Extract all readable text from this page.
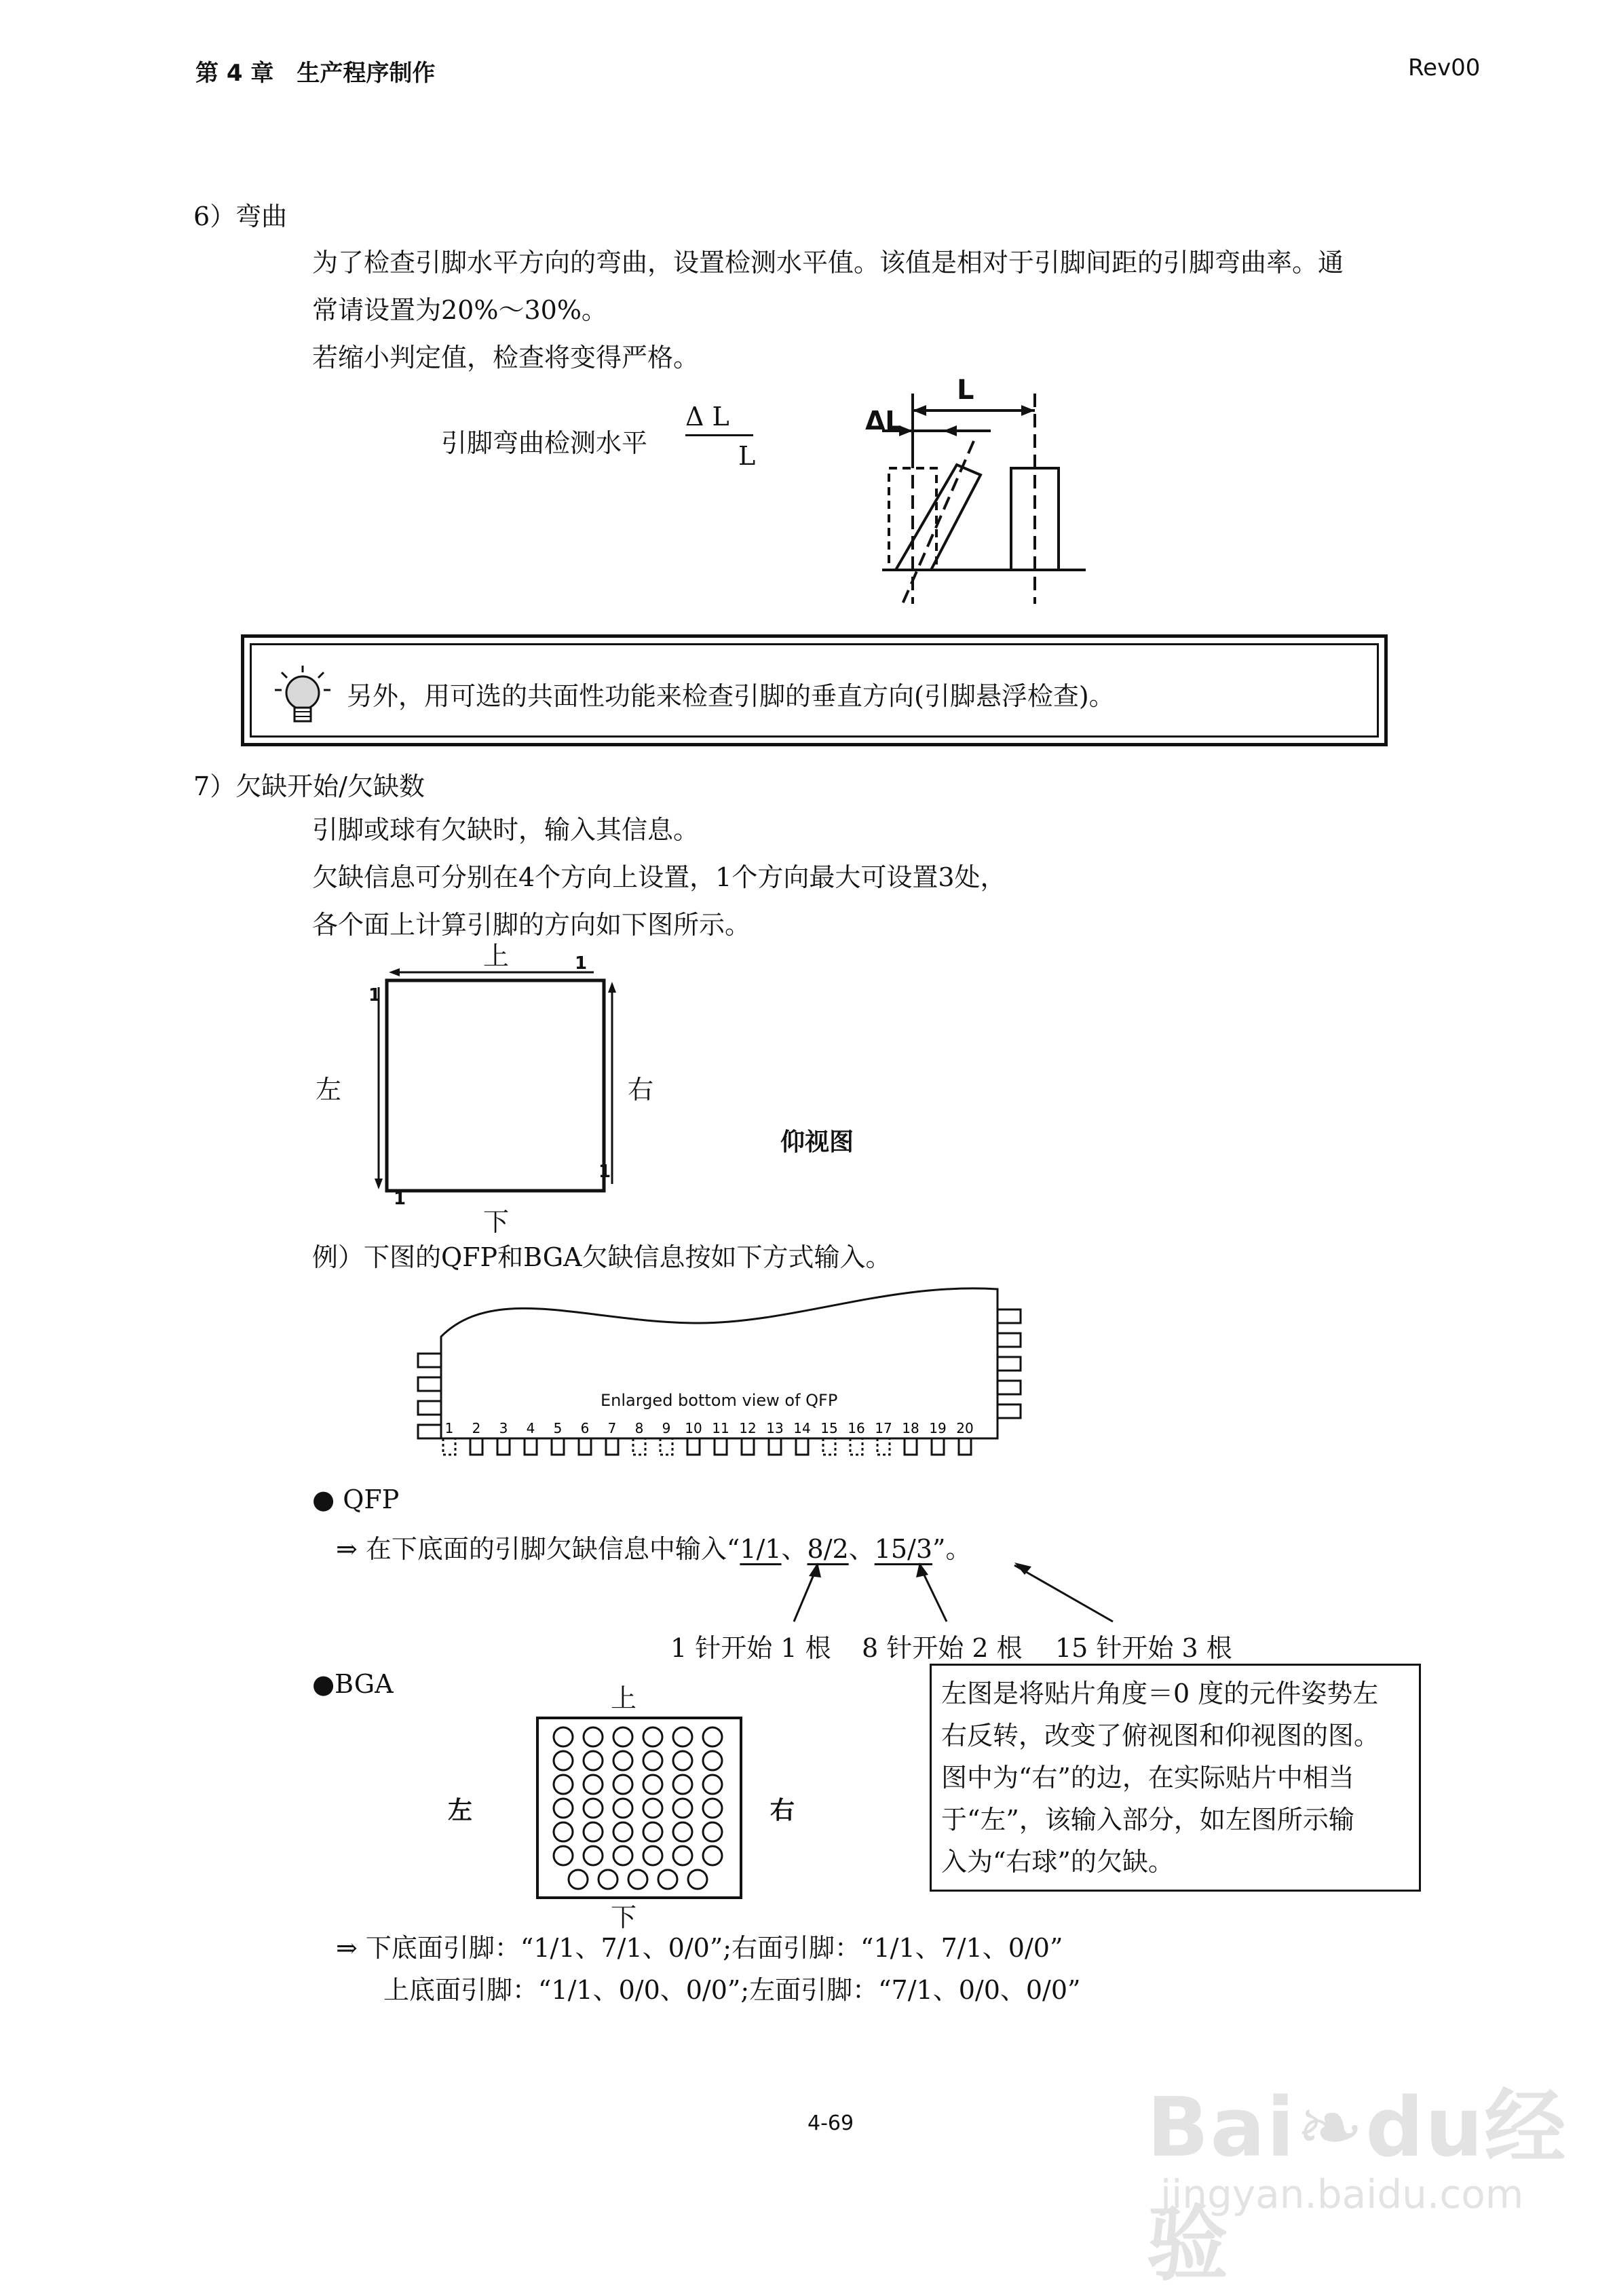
第 4 章　生产程序制作	Rev00
6）弯曲
为了检查引脚水平方向的弯曲，设置检测水平值。该值是相对于引脚间距的引脚弯曲率。通
常请设置为20%～30%。
若缩小判定值，检查将变得严格。
引脚弯曲检测水平
Δ L
L
L
ΔL
另外，用可选的共面性功能来检查引脚的垂直方向(引脚悬浮检查)。
7）欠缺开始/欠缺数
引脚或球有欠缺时，输入其信息。
欠缺信息可分别在4个方向上设置，1个方向最大可设置3处，
各个面上计算引脚的方向如下图所示。
上
下
左	右
1
1
1
1
仰视图
例）下图的QFP和BGA欠缺信息按如下方式输入。
1 2 3 4 5 6 7 8 9 10 11 12 13 14 15 16 17 18 19 20
Enlarged bottom view of QFP
● QFP
⇒ 在下底面的引脚欠缺信息中输入“1/1、8/2、15/3”。
1 针开始 1 根 8 针开始 2 根 15 针开始 3 根
●BGA	上
下
左	右
左图是将贴片角度＝0 度的元件姿势左
右反转，改变了俯视图和仰视图的图。
图中为“右”的边，在实际贴片中相当
于“左”，该输入部分，如左图所示输
入为“右球”的欠缺。
⇒ 下底面引脚：“1/1、7/1、0/0”;右面引脚：“1/1、7/1、0/0”
上底面引脚：“1/1、0/0、0/0”;左面引脚：“7/1、0/0、0/0”
4-69	Bai❧du经验
jingyan.baidu.com
